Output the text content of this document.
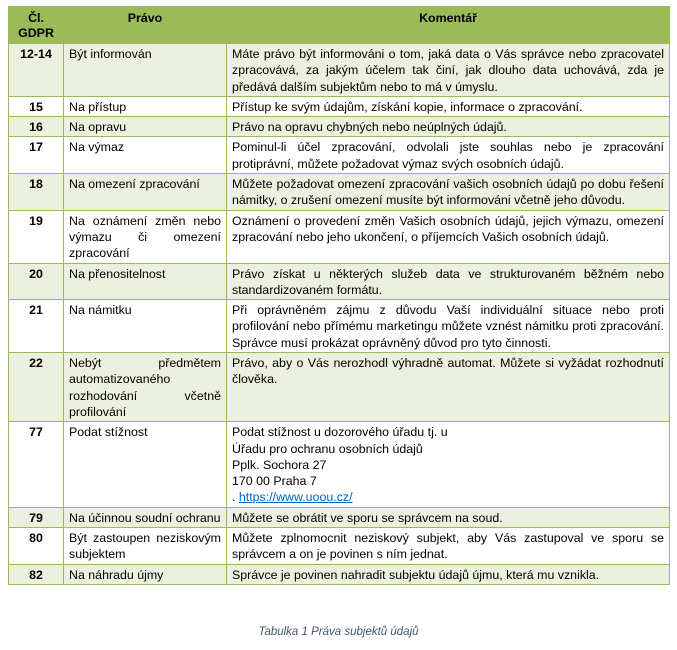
Čl. GDPR	Právo	Komentář
12-14	Být informován	Máte právo být informováni o tom, jaká data o Vás správce nebo zpracovatel zpracovává, za jakým účelem tak činí, jak dlouho data uchovává, zda je předává dalším subjektům nebo to má v úmyslu.
15	Na přístup	Přístup ke svým údajům, získání kopie, informace o zpracování.
16	Na opravu	Právo na opravu chybných nebo neúplných údajů.
17	Na výmaz	Pominul-li účel zpracování, odvolali jste souhlas nebo je zpracování protiprávní, můžete požadovat výmaz svých osobních údajů.
18	Na omezení zpracování	Můžete požadovat omezení zpracování vašich osobních údajů po dobu řešení námitky, o zrušení omezení musíte být informováni včetně jeho důvodu.
19	Na oznámení změn nebo výmazu či omezení zpracování	Oznámení o provedení změn Vašich osobních údajů, jejich výmazu, omezení zpracování nebo jeho ukončení, o příjemcích Vašich osobních údajů.
20	Na přenositelnost	Právo získat u některých služeb data ve strukturovaném běžném nebo standardizovaném formátu.
21	Na námitku	Při oprávněném zájmu z důvodu Vaší individuální situace nebo proti profilování nebo přímému marketingu můžete vznést námitku proti zpracování. Správce musí prokázat oprávněný důvod pro tyto činnosti.
22	Nebýt předmětem automatizovaného rozhodování včetně profilování	Právo, aby o Vás nerozhodl výhradně automat. Můžete si vyžádat rozhodnutí člověka.
77	Podat stížnost	Podat stížnost u dozorového úřadu tj. u
Úřadu pro ochranu osobních údajů
Pplk. Sochora 27
170 00 Praha 7
. https://www.uoou.cz/

79	Na účinnou soudní ochranu	Můžete se obrátit ve sporu se správcem na soud.
80	Být zastoupen neziskovým subjektem	Můžete zplnomocnit neziskový subjekt, aby Vás zastupoval ve sporu se správcem a on je povinen s ním jednat.
82	Na náhradu újmy	Správce je povinen nahradit subjektu údajů újmu, která mu vznikla.
Tabulka 1 Práva subjektů údajů
